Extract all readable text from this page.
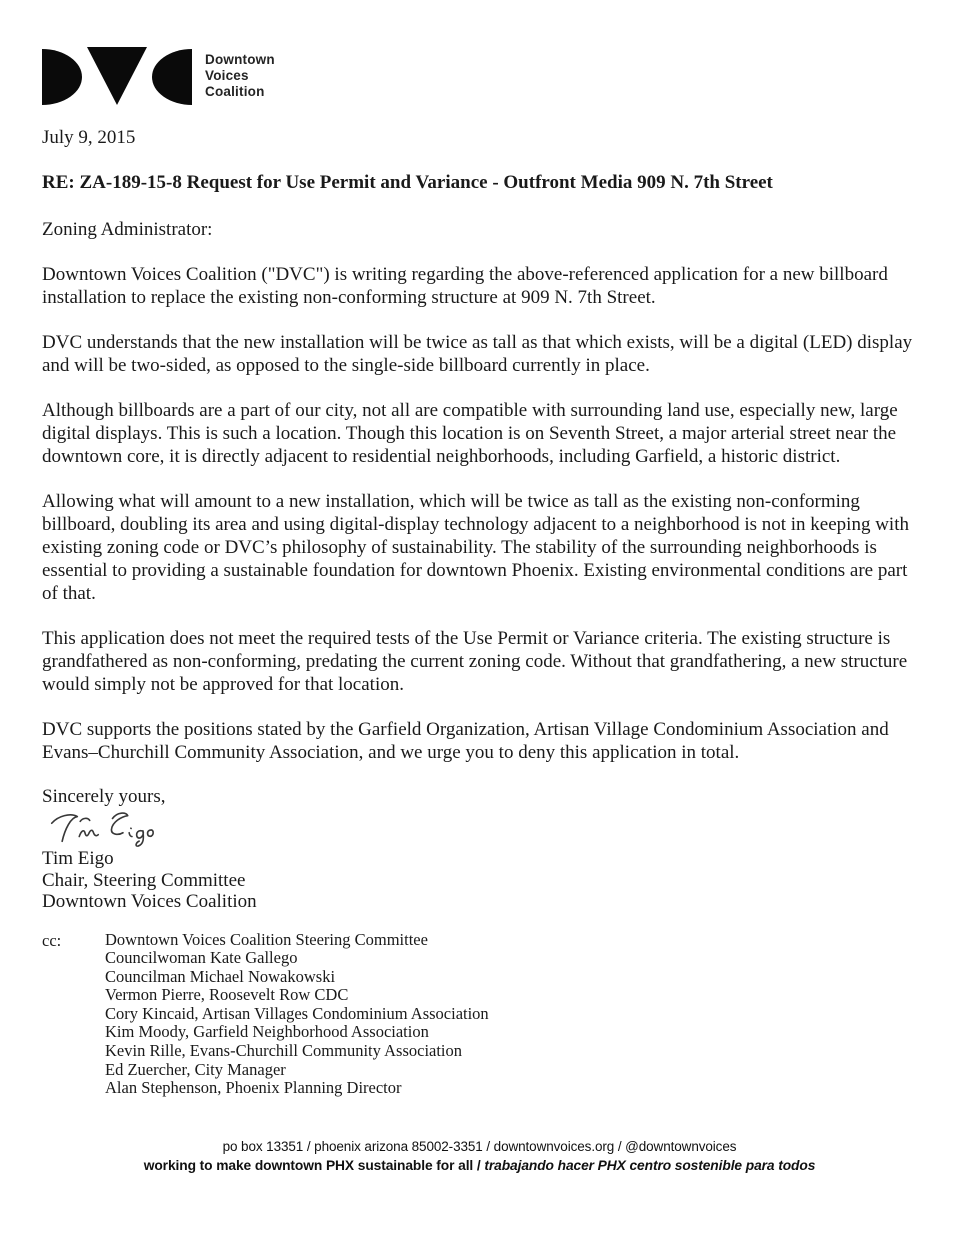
Downtown
Voices
Coalition
July 9, 2015
RE: ZA-189-15-8 Request for Use Permit and Variance - Outfront Media 909 N. 7th Street
Zoning Administrator:

Downtown Voices Coalition ("DVC") is writing regarding the above-referenced application for a new billboard installation to replace the existing non-conforming structure at 909 N. 7th Street.

DVC understands that the new installation will be twice as tall as that which exists, will be a digital (LED) display and will be two-sided, as opposed to the single-side billboard currently in place.

Although billboards are a part of our city, not all are compatible with surrounding land use, especially new, large digital displays. This is such a location. Though this location is on Seventh Street, a major arterial street near the downtown core, it is directly adjacent to residential neighborhoods, including Garfield, a historic district.

Allowing what will amount to a new installation, which will be twice as tall as the existing non-conforming billboard, doubling its area and using digital-display technology adjacent to a neighborhood is not in keeping with existing zoning code or DVC’s philosophy of sustainability. The stability of the surrounding neighborhoods is essential to providing a sustainable foundation for downtown Phoenix. Existing environmental conditions are part of that.

This application does not meet the required tests of the Use Permit or Variance criteria. The existing structure is grandfathered as non-conforming, predating the current zoning code. Without that grandfathering, a new structure would simply not be approved for that location.

DVC supports the positions stated by the Garfield Organization, Artisan Village Condominium Association and Evans–Churchill Community Association, and we urge you to deny this application in total.

Sincerely yours,
Tim Eigo
Chair, Steering Committee
Downtown Voices Coalition
cc:	Downtown Voices Coalition Steering Committee
Councilwoman Kate Gallego
Councilman Michael Nowakowski
Vermon Pierre, Roosevelt Row CDC
Cory Kincaid, Artisan Villages Condominium Association
Kim Moody, Garfield Neighborhood Association
Kevin Rille, Evans-Churchill Community Association
Ed Zuercher, City Manager
Alan Stephenson, Phoenix Planning Director
po box 13351 / phoenix arizona 85002-3351 / downtownvoices.org / @downtownvoices
working to make downtown PHX sustainable for all / trabajando hacer PHX centro sostenible para todos
